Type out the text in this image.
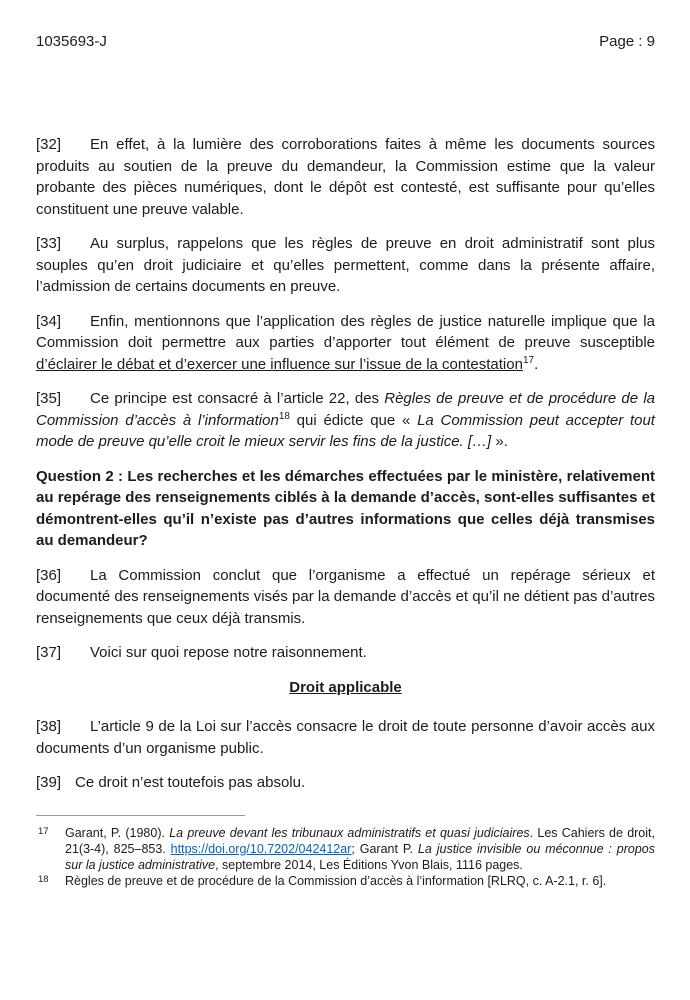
1035693-J	Page : 9

[32] En effet, à la lumière des corroborations faites à même les documents sources produits au soutien de la preuve du demandeur, la Commission estime que la valeur probante des pièces numériques, dont le dépôt est contesté, est suffisante pour qu’elles constituent une preuve valable.

[33] Au surplus, rappelons que les règles de preuve en droit administratif sont plus souples qu’en droit judiciaire et qu’elles permettent, comme dans la présente affaire, l’admission de certains documents en preuve.

[34] Enfin, mentionnons que l’application des règles de justice naturelle implique que la Commission doit permettre aux parties d’apporter tout élément de preuve susceptible d’éclairer le débat et d’exercer une influence sur l’issue de la contestation$^{17}$.

[35] Ce principe est consacré à l’article 22, des Règles de preuve et de procédure de la Commission d’accès à l’information$^{18}$ qui édicte que « La Commission peut accepter tout mode de preuve qu’elle croit le mieux servir les fins de la justice. […] ».

Question 2 : Les recherches et les démarches effectuées par le ministère, relativement au repérage des renseignements ciblés à la demande d’accès, sont-elles suffisantes et démontrent-elles qu’il n’existe pas d’autres informations que celles déjà transmises au demandeur?

[36] La Commission conclut que l’organisme a effectué un repérage sérieux et documenté des renseignements visés par la demande d’accès et qu’il ne détient pas d’autres renseignements que ceux déjà transmis.

[37] Voici sur quoi repose notre raisonnement.

Droit applicable

[38] L’article 9 de la Loi sur l’accès consacre le droit de toute personne d’avoir accès aux documents d’un organisme public.

[39] Ce droit n’est toutefois pas absolu.

17	Garant, P. (1980). La preuve devant les tribunaux administratifs et quasi judiciaires. Les Cahiers de droit, 21(3-4), 825–853. https://doi.org/10.7202/042412ar; Garant P. La justice invisible ou méconnue : propos sur la justice administrative, septembre 2014, Les Éditions Yvon Blais, 1116 pages.
18	Règles de preuve et de procédure de la Commission d’accès à l’information [RLRQ, c. A-2.1, r. 6].
